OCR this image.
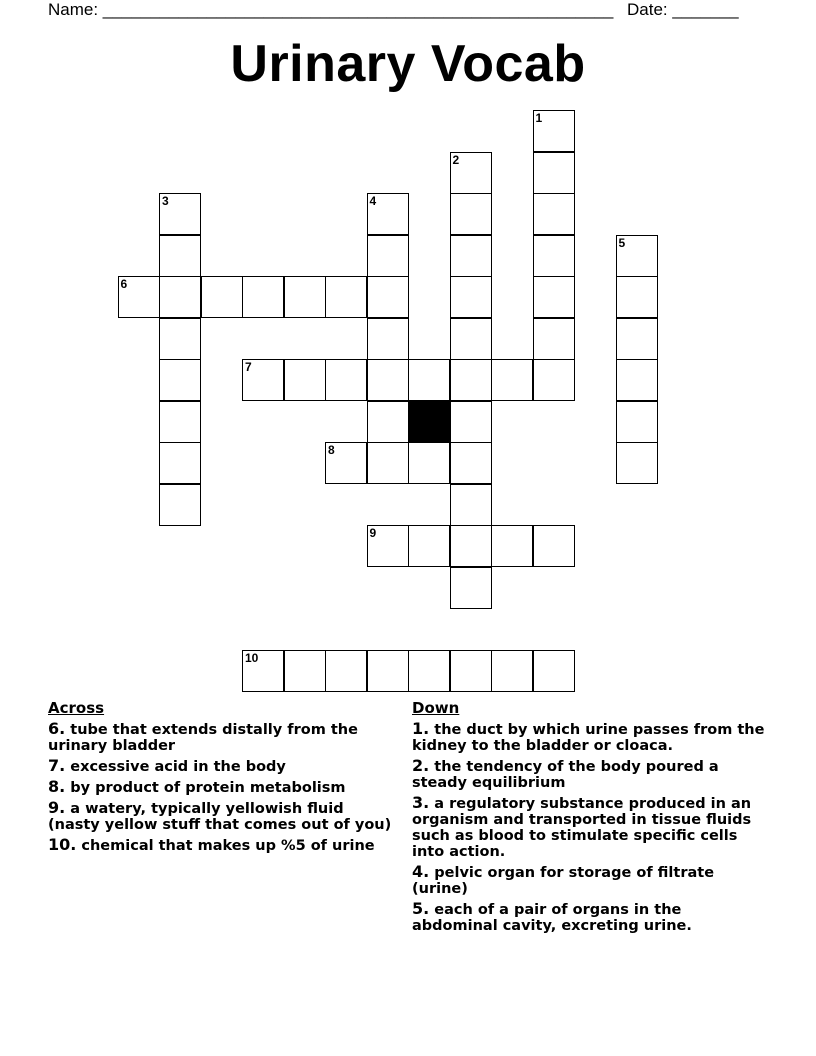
Name: ______________________________________________________ Date: _______
Urinary Vocab
1
2
3	4
5
6
7
8
9
10
Across
6. tube that extends distally from the urinary bladder
7. excessive acid in the body
8. by product of protein metabolism
9. a watery, typically yellowish fluid (nasty yellow stuff that comes out of you)
10. chemical that makes up %5 of urine
Down
1. the duct by which urine passes from the kidney to the bladder or cloaca.
2. the tendency of the body poured a steady equilibrium
3. a regulatory substance produced in an organism and transported in tissue fluids such as blood to stimulate specific cells into action.
4. pelvic organ for storage of filtrate (urine)
5. each of a pair of organs in the abdominal cavity, excreting urine.
